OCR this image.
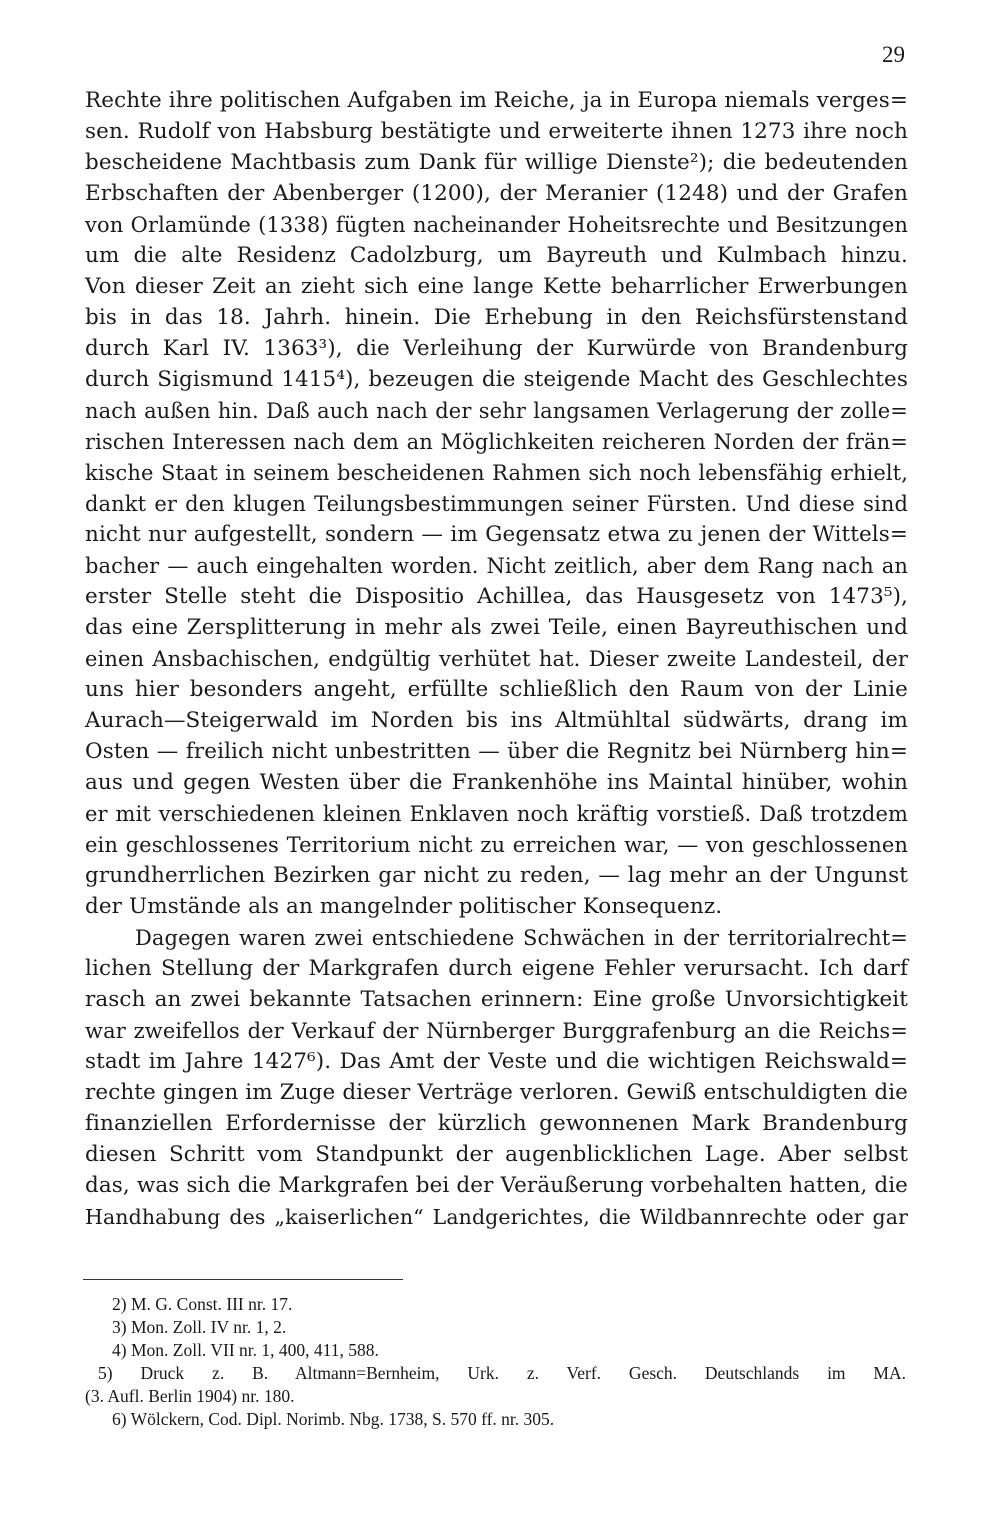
29
Rechte ihre politischen Aufgaben im Reiche, ja in Europa niemals verges=
sen. Rudolf von Habsburg bestätigte und erweiterte ihnen 1273 ihre noch
bescheidene Machtbasis zum Dank für willige Dienste²); die bedeutenden
Erbschaften der Abenberger (1200), der Meranier (1248) und der Grafen
von Orlamünde (1338) fügten nacheinander Hoheitsrechte und Besitzungen
um die alte Residenz Cadolzburg, um Bayreuth und Kulmbach hinzu.
Von dieser Zeit an zieht sich eine lange Kette beharrlicher Erwerbungen
bis in das 18. Jahrh. hinein. Die Erhebung in den Reichsfürstenstand
durch Karl IV. 1363³), die Verleihung der Kurwürde von Brandenburg
durch Sigismund 1415⁴), bezeugen die steigende Macht des Geschlechtes
nach außen hin. Daß auch nach der sehr langsamen Verlagerung der zolle=
rischen Interessen nach dem an Möglichkeiten reicheren Norden der frän=
kische Staat in seinem bescheidenen Rahmen sich noch lebensfähig erhielt,
dankt er den klugen Teilungsbestimmungen seiner Fürsten. Und diese sind
nicht nur aufgestellt, sondern — im Gegensatz etwa zu jenen der Wittels=
bacher — auch eingehalten worden. Nicht zeitlich, aber dem Rang nach an
erster Stelle steht die Dispositio Achillea, das Hausgesetz von 1473⁵),
das eine Zersplitterung in mehr als zwei Teile, einen Bayreuthischen und
einen Ansbachischen, endgültig verhütet hat. Dieser zweite Landesteil, der
uns hier besonders angeht, erfüllte schließlich den Raum von der Linie
Aurach—Steigerwald im Norden bis ins Altmühltal südwärts, drang im
Osten — freilich nicht unbestritten — über die Regnitz bei Nürnberg hin=
aus und gegen Westen über die Frankenhöhe ins Maintal hinüber, wohin
er mit verschiedenen kleinen Enklaven noch kräftig vorstieß. Daß trotzdem
ein geschlossenes Territorium nicht zu erreichen war, — von geschlossenen
grundherrlichen Bezirken gar nicht zu reden, — lag mehr an der Ungunst
der Umstände als an mangelnder politischer Konsequenz.
Dagegen waren zwei entschiedene Schwächen in der territorialrecht=
lichen Stellung der Markgrafen durch eigene Fehler verursacht. Ich darf
rasch an zwei bekannte Tatsachen erinnern: Eine große Unvorsichtigkeit
war zweifellos der Verkauf der Nürnberger Burggrafenburg an die Reichs=
stadt im Jahre 1427⁶). Das Amt der Veste und die wichtigen Reichswald=
rechte gingen im Zuge dieser Verträge verloren. Gewiß entschuldigten die
finanziellen Erfordernisse der kürzlich gewonnenen Mark Brandenburg
diesen Schritt vom Standpunkt der augenblicklichen Lage. Aber selbst
das, was sich die Markgrafen bei der Veräußerung vorbehalten hatten, die
Handhabung des „kaiserlichen“ Landgerichtes, die Wildbannrechte oder gar
2) M. G. Const. III nr. 17.
3) Mon. Zoll. IV nr. 1, 2.
4) Mon. Zoll. VII nr. 1, 400, 411, 588.
5) Druck z. B. Altmann=Bernheim, Urk. z. Verf. Gesch. Deutschlands im MA.
(3. Aufl. Berlin 1904) nr. 180.
6) Wölckern, Cod. Dipl. Norimb. Nbg. 1738, S. 570 ff. nr. 305.
